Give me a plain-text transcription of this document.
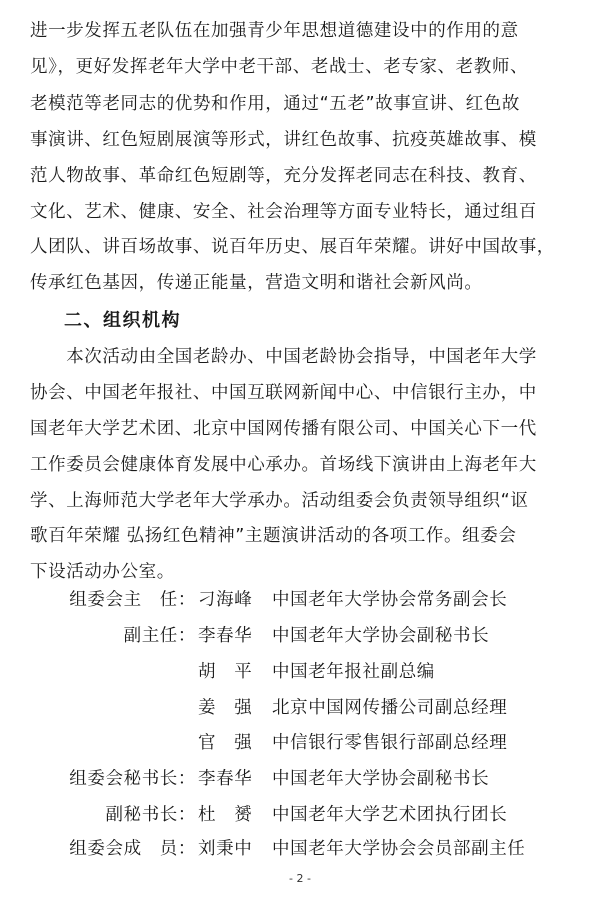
进一步发挥五老队伍在加强青少年思想道德建设中的作用的意
见》，更好发挥老年大学中老干部、老战士、老专家、老教师、
老模范等老同志的优势和作用，通过“五老”故事宣讲、红色故
事演讲、红色短剧展演等形式，讲红色故事、抗疫英雄故事、模
范人物故事、革命红色短剧等，充分发挥老同志在科技、教育、
文化、艺术、健康、安全、社会治理等方面专业特长，通过组百
人团队、讲百场故事、说百年历史、展百年荣耀。讲好中国故事，
传承红色基因，传递正能量，营造文明和谐社会新风尚。
二、组织机构
　　本次活动由全国老龄办、中国老龄协会指导，中国老年大学
协会、中国老年报社、中国互联网新闻中心、中信银行主办，中
国老年大学艺术团、北京中国网传播有限公司、中国关心下一代
工作委员会健康体育发展中心承办。首场线下演讲由上海老年大
学、上海师范大学老年大学承办。活动组委会负责领导组织“讴
歌百年荣耀 弘扬红色精神”主题演讲活动的各项工作。组委会
下设活动办公室。
组委会主　任： 刁海峰 中国老年大学协会常务副会长
副主任： 李春华 中国老年大学协会副秘书长
胡　平 中国老年报社副总编
姜　强 北京中国网传播公司副总经理
官　强 中信银行零售银行部副总经理
组委会秘书长： 李春华 中国老年大学协会副秘书长
副秘书长： 杜　赟 中国老年大学艺术团执行团长
组委会成　员： 刘秉中 中国老年大学协会会员部副主任
- 2 -
